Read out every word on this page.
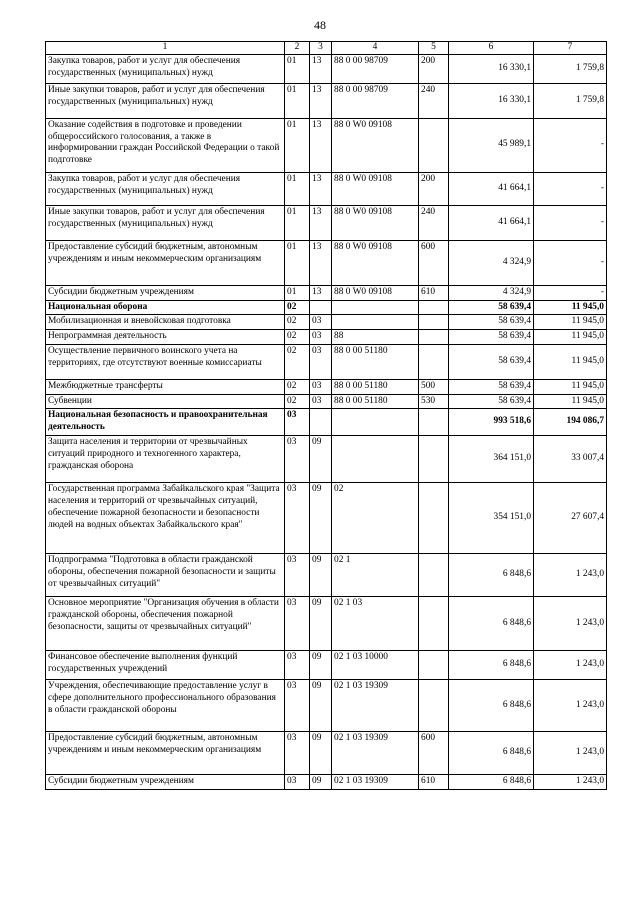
48
1	2	3	4	5	6	7
Закупка товаров, работ и услуг для обеспечения государственных (муниципальных) нужд	01	13	88 0 00 98709	200	16 330,1	1 759,8
Иные закупки товаров, работ и услуг для обеспечения государственных (муниципальных) нужд	01	13	88 0 00 98709	240	16 330,1	1 759,8
Оказание содействия в подготовке и проведении общероссийского голосования, а также в информировании граждан Российской Федерации о такой подготовке	01	13	88 0 W0 09108		45 989,1	-
Закупка товаров, работ и услуг для обеспечения государственных (муниципальных) нужд	01	13	88 0 W0 09108	200	41 664,1	-
Иные закупки товаров, работ и услуг для обеспечения государственных (муниципальных) нужд	01	13	88 0 W0 09108	240	41 664,1	-
Предоставление субсидий бюджетным, автономным учреждениям и иным некоммерческим организациям	01	13	88 0 W0 09108	600	4 324,9	-
Субсидии бюджетным учреждениям	01	13	88 0 W0 09108	610	4 324,9	-
Национальная оборона	02				58 639,4	11 945,0
Мобилизационная и вневойсковая подготовка	02	03			58 639,4	11 945,0
Непрограммная деятельность	02	03	88		58 639,4	11 945,0
Осуществление первичного воинского учета на территориях, где отсутствуют военные комиссариаты	02	03	88 0 00 51180		58 639,4	11 945,0
Межбюджетные трансферты	02	03	88 0 00 51180	500	58 639,4	11 945,0
Субвенции	02	03	88 0 00 51180	530	58 639,4	11 945,0
Национальная безопасность и правоохранительная деятельность	03				993 518,6	194 086,7
Защита населения и территории от чрезвычайных ситуаций природного и техногенного характера, гражданская оборона	03	09			364 151,0	33 007,4
Государственная программа Забайкальского края "Защита населения и территорий от чрезвычайных ситуаций, обеспечение пожарной безопасности и безопасности людей на водных объектах Забайкальского края"	03	09	02		354 151,0	27 607,4
Подпрограмма "Подготовка в области гражданской обороны, обеспечения пожарной безопасности и защиты от чрезвычайных ситуаций"	03	09	02 1		6 848,6	1 243,0
Основное мероприятие "Организация обучения в области гражданской обороны, обеспечения пожарной безопасности, защиты от чрезвычайных ситуаций"	03	09	02 1 03		6 848,6	1 243,0
Финансовое обеспечение выполнения функций государственных учреждений	03	09	02 1 03 10000		6 848,6	1 243,0
Учреждения, обеспечивающие предоставление услуг в сфере дополнительного профессионального образования в области гражданской обороны	03	09	02 1 03 19309		6 848,6	1 243,0
Предоставление субсидий бюджетным, автономным учреждениям и иным некоммерческим организациям	03	09	02 1 03 19309	600	6 848,6	1 243,0
Субсидии бюджетным учреждениям	03	09	02 1 03 19309	610	6 848,6	1 243,0
